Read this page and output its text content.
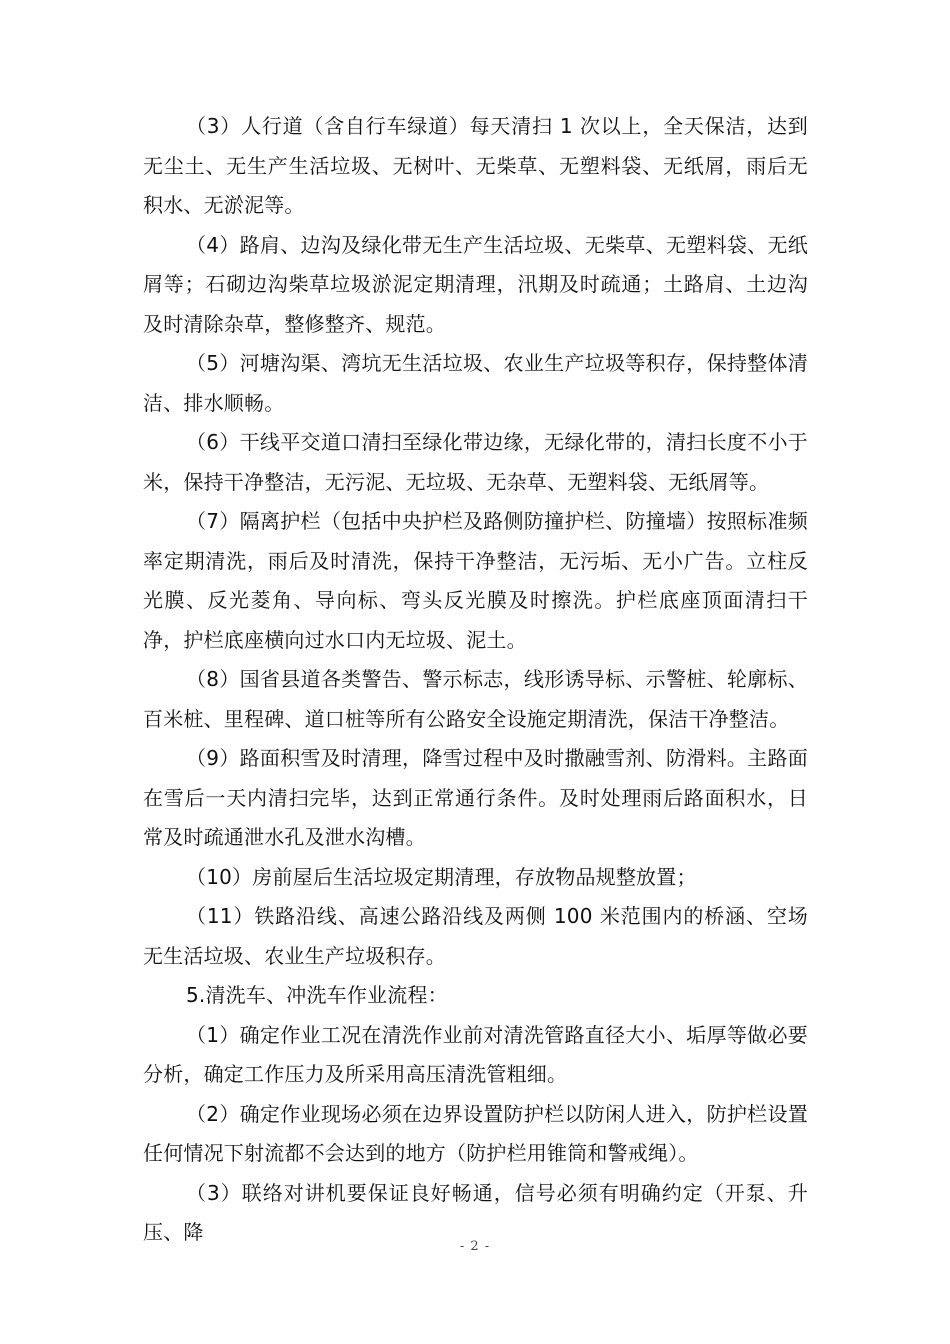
（3）人行道（含自行车绿道）每天清扫 1 次以上，全天保洁，达到无尘土、无生产生活垃圾、无树叶、无柴草、无塑料袋、无纸屑，雨后无积水、无淤泥等。

（4）路肩、边沟及绿化带无生产生活垃圾、无柴草、无塑料袋、无纸屑等；石砌边沟柴草垃圾淤泥定期清理，汛期及时疏通；土路肩、土边沟及时清除杂草，整修整齐、规范。

（5）河塘沟渠、湾坑无生活垃圾、农业生产垃圾等积存，保持整体清洁、排水顺畅。

（6）干线平交道口清扫至绿化带边缘，无绿化带的，清扫长度不小于米，保持干净整洁，无污泥、无垃圾、无杂草、无塑料袋、无纸屑等。

（7）隔离护栏（包括中央护栏及路侧防撞护栏、防撞墙）按照标准频率定期清洗，雨后及时清洗，保持干净整洁，无污垢、无小广告。立柱反光膜、反光菱角、导向标、弯头反光膜及时擦洗。护栏底座顶面清扫干净，护栏底座横向过水口内无垃圾、泥土。

（8）国省县道各类警告、警示标志，线形诱导标、示警桩、轮廓标、百米桩、里程碑、道口桩等所有公路安全设施定期清洗，保洁干净整洁。

（9）路面积雪及时清理，降雪过程中及时撒融雪剂、防滑料。主路面在雪后一天内清扫完毕，达到正常通行条件。及时处理雨后路面积水，日常及时疏通泄水孔及泄水沟槽。

（10）房前屋后生活垃圾定期清理，存放物品规整放置；

（11）铁路沿线、高速公路沿线及两侧 100 米范围内的桥涵、空场无生活垃圾、农业生产垃圾积存。

5.清洗车、冲洗车作业流程：

（1）确定作业工况在清洗作业前对清洗管路直径大小、垢厚等做必要分析，确定工作压力及所采用高压清洗管粗细。

（2）确定作业现场必须在边界设置防护栏以防闲人进入，防护栏设置任何情况下射流都不会达到的地方（防护栏用锥筒和警戒绳）。

（3）联络对讲机要保证良好畅通，信号必须有明确约定（开泵、升压、降

- 2 -
